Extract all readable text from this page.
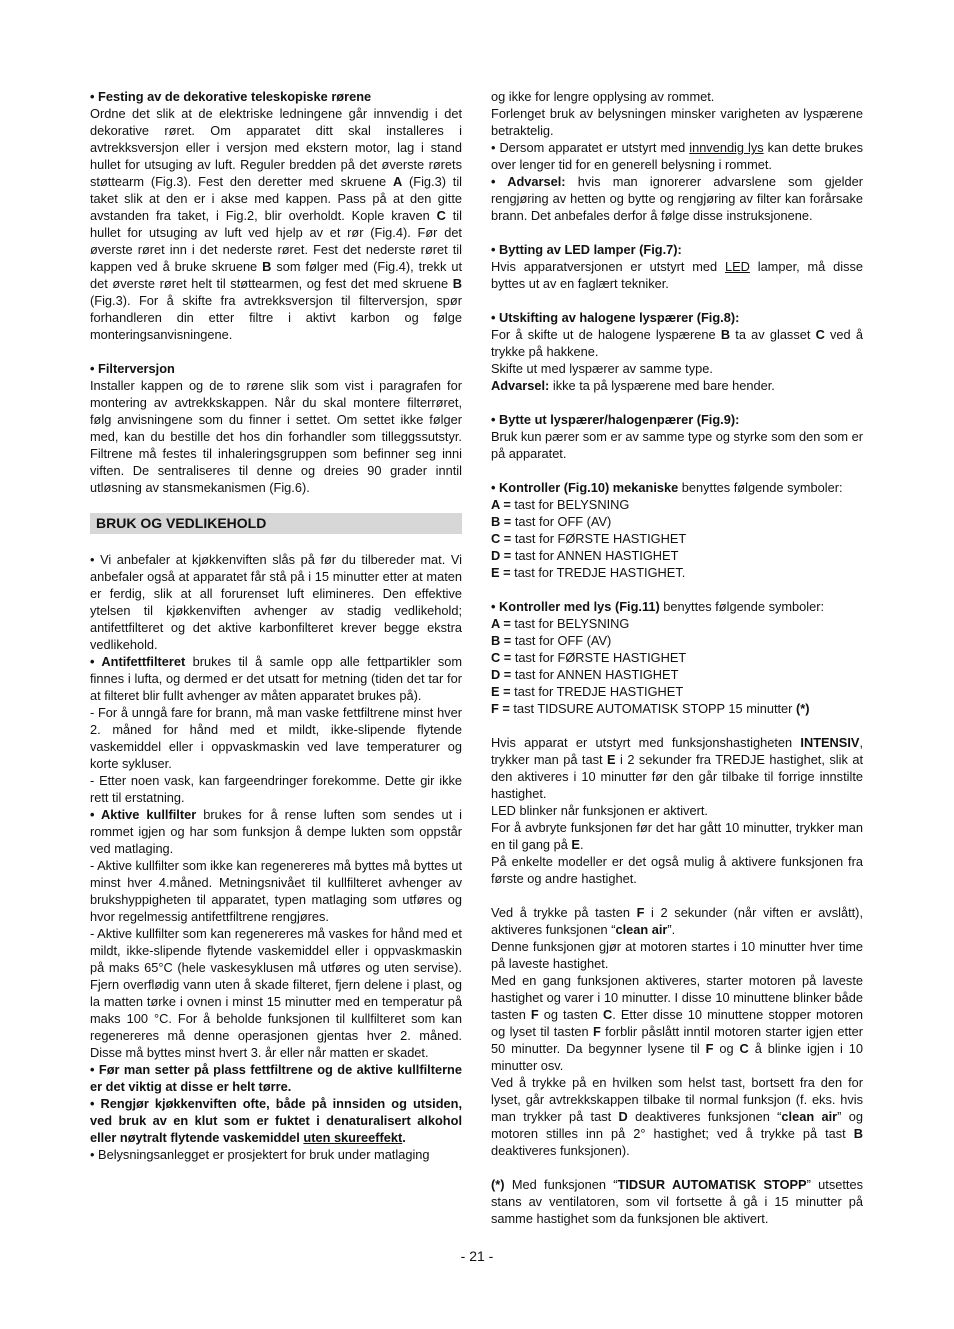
• Festing av de dekorative teleskopiske rørene

Ordne det slik at de elektriske ledningene går innvendig i det dekorative røret. Om apparatet ditt skal installeres i avtrekksversjon eller i versjon med ekstern motor, lag i stand hullet for utsuging av luft. Reguler bredden på det øverste rørets støttearm (Fig.3). Fest den deretter med skruene A (Fig.3) til taket slik at den er i akse med kappen. Pass på at den gitte avstanden fra taket, i Fig.2, blir overholdt. Kople kraven C til hullet for utsuging av luft ved hjelp av et rør (Fig.4). Før det øverste røret inn i det nederste røret. Fest det nederste røret til kappen ved å bruke skruene B som følger med (Fig.4), trekk ut det øverste røret helt til støttearmen, og fest det med skruene B (Fig.3). For å skifte fra avtrekksversjon til filterversjon, spør forhandleren din etter filtre i aktivt karbon og følge monteringsanvisningene.

• Filterversjon

Installer kappen og de to rørene slik som vist i paragrafen for montering av avtrekkskappen. Når du skal montere filterrøret, følg anvisningene som du finner i settet. Om settet ikke følger med, kan du bestille det hos din forhandler som tilleggssutstyr. Filtrene må festes til inhaleringsgruppen som befinner seg inni viften. De sentraliseres til denne og dreies 90 grader inntil utløsning av stansmekanismen (Fig.6).

BRUK OG VEDLIKEHOLD

• Vi anbefaler at kjøkkenviften slås på før du tilbereder mat. Vi anbefaler også at apparatet får stå på i 15 minutter etter at maten er ferdig, slik at all forurenset luft elimineres. Den effektive ytelsen til kjøkkenviften avhenger av stadig vedlikehold; antifettfilteret og det aktive karbonfilteret krever begge ekstra vedlikehold.

• Antifettfilteret brukes til å samle opp alle fettpartikler som finnes i lufta, og dermed er det utsatt for metning (tiden det tar for at filteret blir fullt avhenger av måten apparatet brukes på).

- For å unngå fare for brann, må man vaske fettfiltrene minst hver 2. måned for hånd med et mildt, ikke-slipende flytende vaskemiddel eller i oppvaskmaskin ved lave temperaturer og korte sykluser.

- Etter noen vask, kan fargeendringer forekomme. Dette gir ikke rett til erstatning.

• Aktive kullfilter brukes for å rense luften som sendes ut i rommet igjen og har som funksjon å dempe lukten som oppstår ved matlaging.

- Aktive kullfilter som ikke kan regenereres må byttes må byttes ut minst hver 4.måned. Metningsnivået til kullfilteret avhenger av brukshyppigheten til apparatet, typen matlaging som utføres og hvor regelmessig antifettfiltrene rengjøres.

- Aktive kullfilter som kan regenereres må vaskes for hånd med et mildt, ikke-slipende flytende vaskemiddel eller i oppvaskmaskin på maks 65°C (hele vaskesyklusen må utføres og uten servise). Fjern overflødig vann uten å skade filteret, fjern delene i plast, og la matten tørke i ovnen i minst 15 minutter med en temperatur på maks 100 °C. For å beholde funksjonen til kullfilteret som kan regenereres må denne operasjonen gjentas hver 2. måned. Disse må byttes minst hvert 3. år eller når matten er skadet.

• Før man setter på plass fettfiltrene og de aktive kullfilterne er det viktig at disse er helt tørre.

• Rengjør kjøkkenviften ofte, både på innsiden og utsiden, ved bruk av en klut som er fuktet i denaturalisert alkohol eller nøytralt flytende vaskemiddel uten skureeffekt.

• Belysningsanlegget er prosjektert for bruk under matlaging

og ikke for lengre opplysing av rommet.

Forlenget bruk av belysningen minsker varigheten av lyspærene betraktelig.

• Dersom apparatet er utstyrt med innvendig lys kan dette brukes over lenger tid for en generell belysning i rommet.

• Advarsel: hvis man ignorerer advarslene som gjelder rengjøring av hetten og bytte og rengjøring av filter kan forårsake brann. Det anbefales derfor å følge disse instruksjonene.

• Bytting av LED lamper (Fig.7):

Hvis apparatversjonen er utstyrt med LED lamper, må disse byttes ut av en faglært tekniker.

• Utskifting av halogene lyspærer (Fig.8):

For å skifte ut de halogene lyspærene B ta av glasset C ved å trykke på hakkene.

Skifte ut med lyspærer av samme type.

Advarsel: ikke ta på lyspærene med bare hender.

• Bytte ut lyspærer/halogenpærer (Fig.9):

Bruk kun pærer som er av samme type og styrke som den som er på apparatet.

• Kontroller (Fig.10) mekaniske benyttes følgende symboler:

A = tast for BELYSNING

B = tast for OFF (AV)

C = tast for FØRSTE HASTIGHET

D = tast for ANNEN HASTIGHET

E = tast for TREDJE HASTIGHET.

• Kontroller med lys (Fig.11) benyttes følgende symboler:

A = tast for BELYSNING

B = tast for OFF (AV)

C = tast for FØRSTE HASTIGHET

D = tast for ANNEN HASTIGHET

E = tast for TREDJE HASTIGHET

F = tast TIDSURE AUTOMATISK STOPP 15 minutter (*)

Hvis apparat er utstyrt med funksjonshastigheten INTENSIV, trykker man på tast E i 2 sekunder fra TREDJE hastighet, slik at den aktiveres i 10 minutter før den går tilbake til forrige innstilte hastighet.

LED blinker når funksjonen er aktivert.

For å avbryte funksjonen før det har gått 10 minutter, trykker man en til gang på E.

På enkelte modeller er det også mulig å aktivere funksjonen fra første og andre hastighet.

Ved å trykke på tasten F i 2 sekunder (når viften er avslått), aktiveres funksjonen “clean air”.

Denne funksjonen gjør at motoren startes i 10 minutter hver time på laveste hastighet.

Med en gang funksjonen aktiveres, starter motoren på laveste hastighet og varer i 10 minutter. I disse 10 minuttene blinker både tasten F og tasten C. Etter disse 10 minuttene stopper motoren og lyset til tasten F forblir påslått inntil motoren starter igjen etter 50 minutter. Da begynner lysene til F og C å blinke igjen i 10 minutter osv.

Ved å trykke på en hvilken som helst tast, bortsett fra den for lyset, går avtrekkskappen tilbake til normal funksjon (f. eks. hvis man trykker på tast D deaktiveres funksjonen “clean air” og motoren stilles inn på 2° hastighet; ved å trykke på tast B deaktiveres funksjonen).

(*) Med funksjonen “TIDSUR AUTOMATISK STOPP” utsettes stans av ventilatoren, som vil fortsette å gå i 15 minutter på samme hastighet som da funksjonen ble aktivert.

- 21 -
